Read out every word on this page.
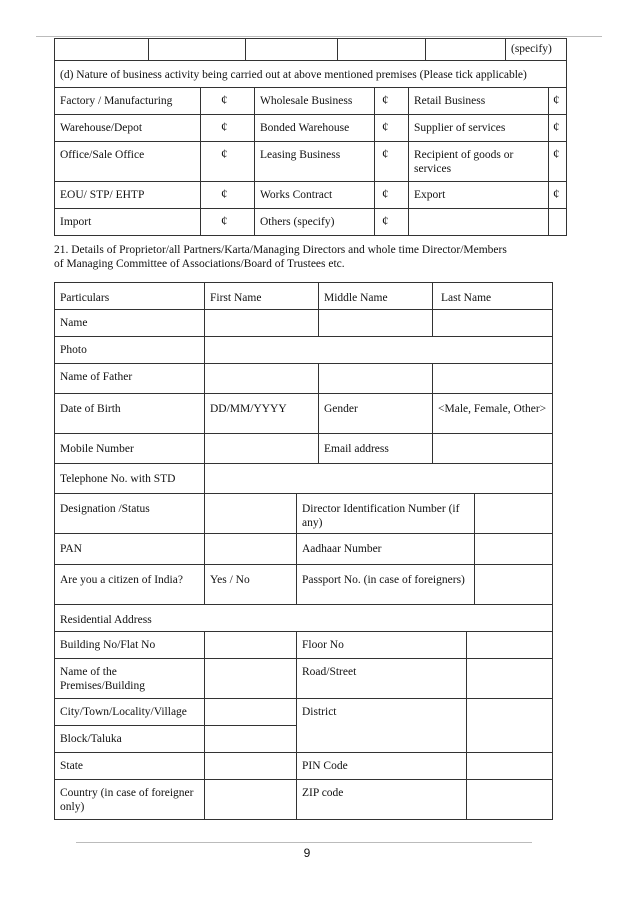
					(specify)
(d) Nature of business activity being carried out at above mentioned premises (Please tick applicable)					
Factory / Manufacturing	¢	Wholesale Business	¢	Retail Business	¢

Warehouse/Depot	¢	Bonded Warehouse	¢	Supplier of services	¢

Office/Sale Office	¢	Leasing Business	¢	Recipient of goods or services	¢

EOU/ STP/ EHTP	¢	Works Contract	¢	Export	¢

Import	¢	Others (specify)	¢		

21. Details of Proprietor/all Partners/Karta/Managing Directors and whole time Director/Members
of Managing Committee of Associations/Board of Trustees etc.
Particulars	First Name	Middle Name	Last Name
Name			
Photo			
Name of Father			
Date of Birth	DD/MM/YYYY	Gender	<Male, Female, Other>
Mobile Number		Email address	
Telephone No. with STD			
Designation /Status		Director Identification Number (if any)	
PAN		Aadhaar Number	
Are you a citizen of India?	Yes / No	Passport No. (in case of foreigners)	
Residential Address			
Building No/Flat No		Floor No	
Name of the Premises/Building		Road/Street	
City/Town/Locality/Village		District	
Block/Taluka			
State		PIN Code	
Country (in case of foreigner only)		ZIP code	
9
